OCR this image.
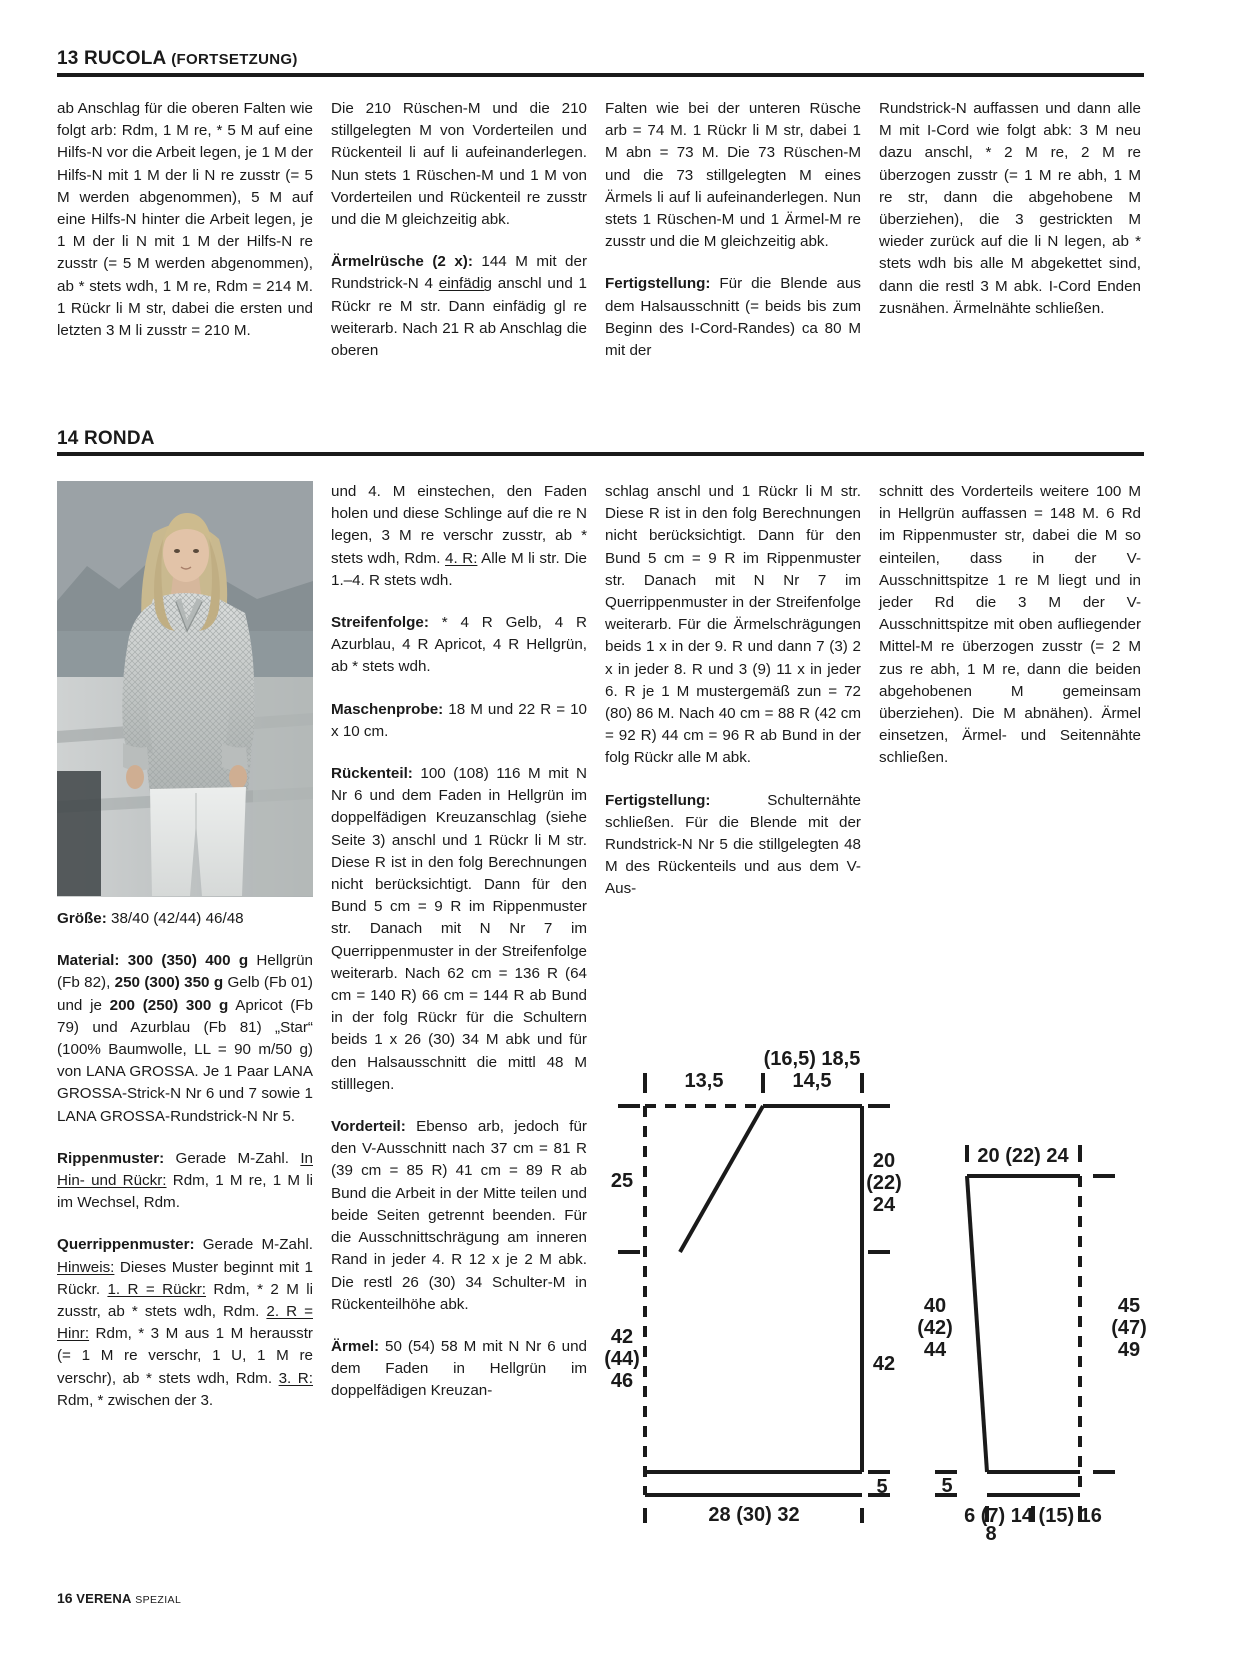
13 RUCOLA (FORTSETZUNG)

ab Anschlag für die oberen Falten wie folgt arb: Rdm, 1 M re, * 5 M auf eine Hilfs-N vor die Arbeit legen, je 1 M der Hilfs-N mit 1 M der li N re zusstr (= 5 M werden abgenommen), 5 M auf eine Hilfs-N hinter die Arbeit legen, je 1 M der li N mit 1 M der Hilfs-N re zusstr (= 5 M werden abgenommen), ab * stets wdh, 1 M re, Rdm = 214 M. 1 Rückr li M str, dabei die ersten und letzten 3 M li zusstr = 210 M.

Die 210 Rüschen-M und die 210 stillgelegten M von Vorderteilen und Rückenteil li auf li aufeinanderlegen. Nun stets 1 Rüschen-M und 1 M von Vorderteilen und Rückenteil re zusstr und die M gleichzeitig abk.

Ärmelrüsche (2 x): 144 M mit der Rundstrick-N 4 einfädig anschl und 1 Rückr re M str. Dann einfädig gl re weiterarb. Nach 21 R ab Anschlag die oberen

Falten wie bei der unteren Rüsche arb = 74 M. 1 Rückr li M str, dabei 1 M abn = 73 M. Die 73 Rüschen-M und die 73 stillgelegten M eines Ärmels li auf li aufeinanderlegen. Nun stets 1 Rüschen-M und 1 Ärmel-M re zusstr und die M gleichzeitig abk.

Fertigstellung: Für die Blende aus dem Halsausschnitt (= beids bis zum Beginn des I-Cord-Randes) ca 80 M mit der

Rundstrick-N auffassen und dann alle M mit I-Cord wie folgt abk: 3 M neu dazu anschl, * 2 M re, 2 M re überzogen zusstr (= 1 M re abh, 1 M re str, dann die abgehobene M überziehen), die 3 gestrickten M wieder zurück auf die li N legen, ab * stets wdh bis alle M abgekettet sind, dann die restl 3 M abk. I-Cord Enden zusnähen. Ärmelnähte schließen.

14 RONDA

Größe: 38/40 (42/44) 46/48

Material: 300 (350) 400 g Hellgrün (Fb 82), 250 (300) 350 g Gelb (Fb 01) und je 200 (250) 300 g Apricot (Fb 79) und Azurblau (Fb 81) „Star“ (100% Baumwolle, LL = 90 m/50 g) von LANA GROSSA. Je 1 Paar LANA GROSSA-Strick-N Nr 6 und 7 sowie 1 LANA GROSSA-Rundstrick-N Nr 5.

Rippenmuster: Gerade M-Zahl. In Hin- und Rückr: Rdm, 1 M re, 1 M li im Wechsel, Rdm.

Querrippenmuster: Gerade M-Zahl. Hinweis: Dieses Muster beginnt mit 1 Rückr. 1. R = Rückr: Rdm, * 2 M li zusstr, ab * stets wdh, Rdm. 2. R = Hinr: Rdm, * 3 M aus 1 M herausstr (= 1 M re verschr, 1 U, 1 M re verschr), ab * stets wdh, Rdm. 3. R: Rdm, * zwischen der 3.

und 4. M einstechen, den Faden holen und diese Schlinge auf die re N legen, 3 M re verschr zusstr, ab * stets wdh, Rdm. 4. R: Alle M li str. Die 1.–4. R stets wdh.

Streifenfolge: * 4 R Gelb, 4 R Azurblau, 4 R Apricot, 4 R Hellgrün, ab * stets wdh.

Maschenprobe: 18 M und 22 R = 10 x 10 cm.

Rückenteil: 100 (108) 116 M mit N Nr 6 und dem Faden in Hellgrün im doppelfädigen Kreuzanschlag (siehe Seite 3) anschl und 1 Rückr li M str. Diese R ist in den folg Berechnungen nicht berücksichtigt. Dann für den Bund 5 cm = 9 R im Rippenmuster str. Danach mit N Nr 7 im Querrippenmuster in der Streifenfolge weiterarb. Nach 62 cm = 136 R (64 cm = 140 R) 66 cm = 144 R ab Bund in der folg Rückr für die Schultern beids 1 x 26 (30) 34 M abk und für den Halsausschnitt die mittl 48 M stilllegen.

Vorderteil: Ebenso arb, jedoch für den V-Ausschnitt nach 37 cm = 81 R (39 cm = 85 R) 41 cm = 89 R ab Bund die Arbeit in der Mitte teilen und beide Seiten getrennt beenden. Für die Ausschnittschrägung am inneren Rand in jeder 4. R 12 x je 2 M abk. Die restl 26 (30) 34 Schulter-M in Rückenteilhöhe abk.

Ärmel: 50 (54) 58 M mit N Nr 6 und dem Faden in Hellgrün im doppelfädigen Kreuzan-

schlag anschl und 1 Rückr li M str. Diese R ist in den folg Berechnungen nicht berücksichtigt. Dann für den Bund 5 cm = 9 R im Rippenmuster str. Danach mit N Nr 7 im Querrippenmuster in der Streifenfolge weiterarb. Für die Ärmelschrägungen beids 1 x in der 9. R und dann 7 (3) 2 x in jeder 8. R und 3 (9) 11 x in jeder 6. R je 1 M mustergemäß zun = 72 (80) 86 M. Nach 40 cm = 88 R (42 cm = 92 R) 44 cm = 96 R ab Bund in der folg Rückr alle M abk.

Fertigstellung: Schulternähte schließen. Für die Blende mit der Rundstrick-N Nr 5 die stillgelegten 48 M des Rückenteils und aus dem V-Aus-

schnitt des Vorderteils weitere 100 M in Hellgrün auffassen = 148 M. 6 Rd im Rippenmuster str, dabei die M so einteilen, dass in der V-Ausschnittspitze 1 re M liegt und in jeder Rd die 3 M der V-Ausschnittspitze mit oben aufliegender Mittel-M re überzogen zusstr (= 2 M zus re abh, 1 M re, dann die beiden abgehobenen M gemeinsam überziehen). Die M abnähen). Ärmel einsetzen, Ärmel- und Seitennähte schließen.

13,5
(16,5) 18,5
14,5
25
20
(22)
24
42
(44)
46
42
5
28 (30) 32
20 (22) 24
40
(42)
44
45
(47)
49
5
6 (7) 14 (15) 16
8
16 VERENA SPEZIAL
